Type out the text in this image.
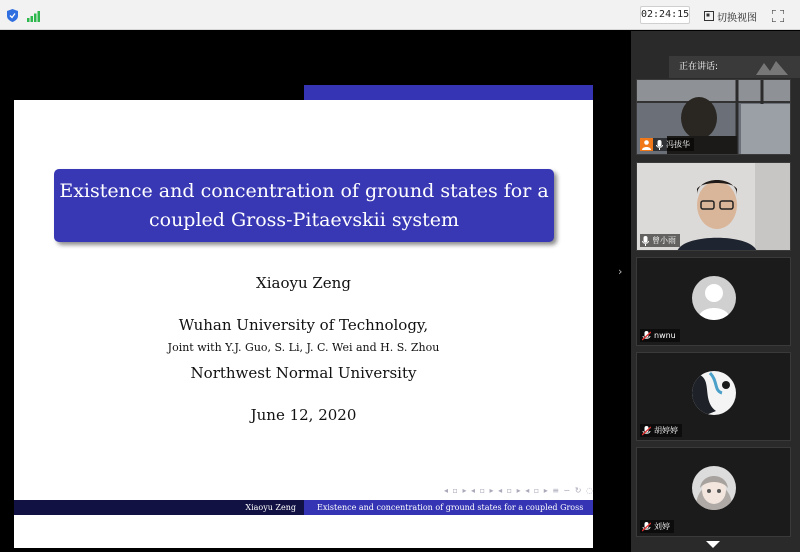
02:24:15	切换视图
Existence and concentration of ground states for a
coupled Gross-Pitaevskii system
Xiaoyu Zeng
Wuhan University of Technology,
Joint with Y.J. Guo, S. Li, J. C. Wei and H. S. Zhou
Northwest Normal University
June 12, 2020
◂ ▫ ▸ ◂ ▫ ▸ ◂ ▫ ▸ ◂ ▫ ▸ ≡ ∽ ↻ ◌
Xiaoyu Zeng	Existence and concentration of ground states for a coupled Gross
›
正在讲话:
冯拔华
曾小雨
nwnu
胡婷婷
刘婷
